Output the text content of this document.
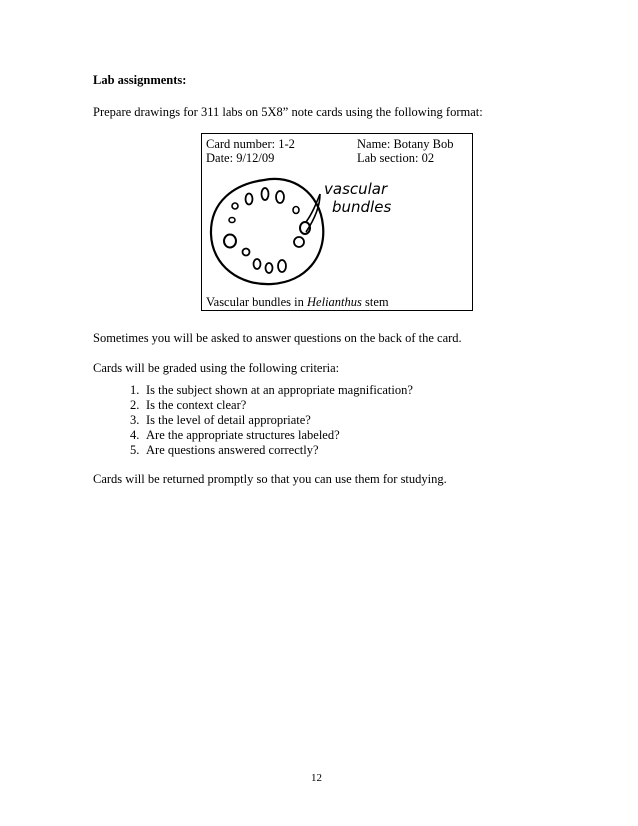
Lab assignments:
Prepare drawings for 311 labs on 5X8” note cards using the following format:
Card number: 1-2
Date: 9/12/09
Name: Botany Bob
Lab section: 02
vascular
bundles
Vascular bundles in Helianthus stem
Sometimes you will be asked to answer questions on the back of the card.
Cards will be graded using the following criteria:
1. Is the subject shown at an appropriate magnification?
2. Is the context clear?
3. Is the level of detail appropriate?
4. Are the appropriate structures labeled?
5. Are questions answered correctly?
Cards will be returned promptly so that you can use them for studying.
12
